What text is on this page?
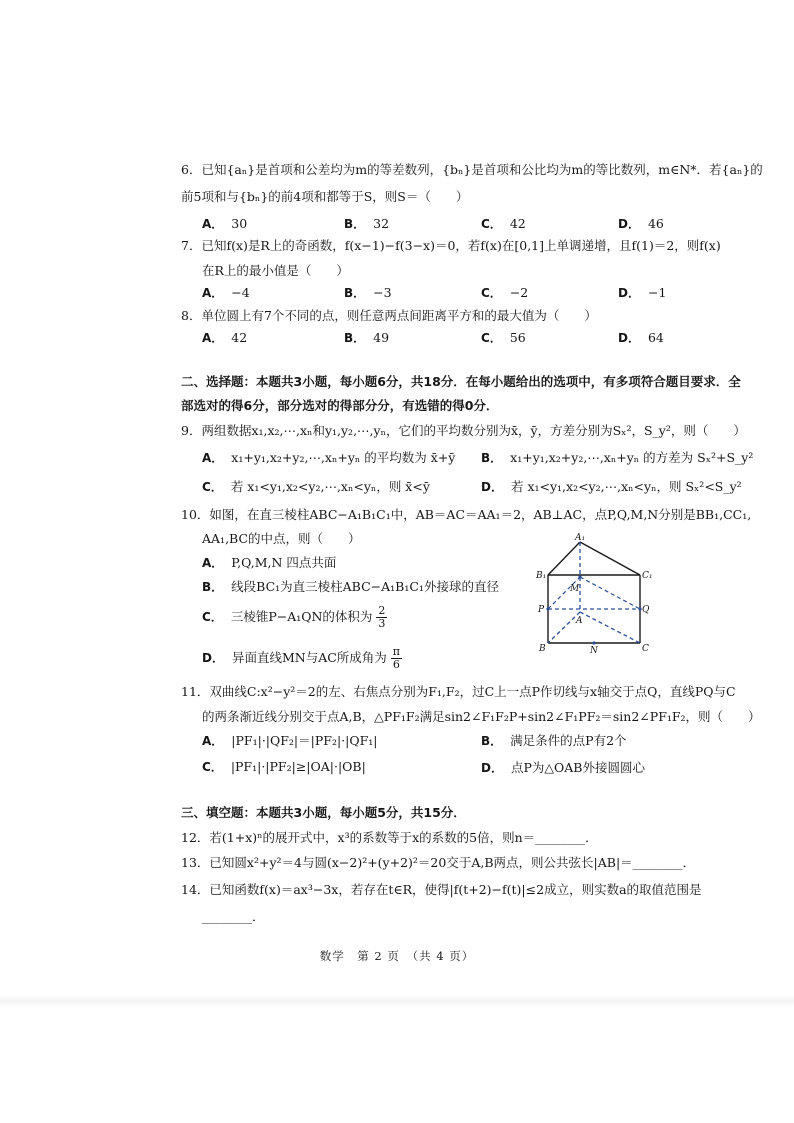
6．已知{aₙ}是首项和公差均为m的等差数列，{bₙ}是首项和公比均为m的等比数列，m∈N*．若{aₙ}的
前5项和与{bₙ}的前4项和都等于S，则S＝（　　）
A． 30	B． 32	C． 42	D． 46
7．已知f(x)是R上的奇函数，f(x−1)−f(3−x)＝0，若f(x)在[0,1]上单调递增，且f(1)＝2，则f(x)
在R上的最小值是（　　）
A． −4	B． −3	C． −2	D． −1
8．单位圆上有7个不同的点，则任意两点间距离平方和的最大值为（　　）
A． 42	B． 49	C． 56	D． 64
二、选择题：本题共3小题，每小题6分，共18分．在每小题给出的选项中，有多项符合题目要求．全
部选对的得6分，部分选对的得部分分，有选错的得0分．
9．两组数据x₁,x₂,⋯,xₙ和y₁,y₂,⋯,yₙ，它们的平均数分别为x̄，ȳ，方差分别为Sₓ²，S_y²，则（　　）
A． x₁+y₁,x₂+y₂,⋯,xₙ+yₙ 的平均数为 x̄+ȳ B． x₁+y₁,x₂+y₂,⋯,xₙ+yₙ 的方差为 Sₓ²+S_y²
C． 若 x₁<y₁,x₂<y₂,⋯,xₙ<yₙ，则 x̄<ȳ	D． 若 x₁<y₁,x₂<y₂,⋯,xₙ<yₙ，则 Sₓ²<S_y²
10．如图，在直三棱柱ABC−A₁B₁C₁中，AB＝AC＝AA₁＝2，AB⊥AC，点P,Q,M,N分别是BB₁,CC₁,
AA₁,BC的中点，则（　　）
A． P,Q,M,N 四点共面
B． 线段BC₁为直三棱柱ABC−A₁B₁C₁外接球的直径
C． 三棱锥P−A₁QN的体积为 $\frac{2}{3}$
D． 异面直线MN与AC所成角为 $\frac{\pi}{6}$
A₁
B₁	C₁
M
P	Q
A
B	N	C
11．双曲线C:x²−y²＝2的左、右焦点分别为F₁,F₂，过C上一点P作切线与x轴交于点Q，直线PQ与C
的两条渐近线分别交于点A,B，△PF₁F₂满足sin2∠F₁F₂P+sin2∠F₁PF₂＝sin2∠PF₁F₂，则（　　）
A． |PF₁|·|QF₂|＝|PF₂|·|QF₁|	B． 满足条件的点P有2个
C． |PF₁|·|PF₂|≥|OA|·|OB|	D． 点P为△OAB外接圆圆心
三、填空题：本题共3小题，每小题5分，共15分．
12．若(1+x)ⁿ的展开式中，x³的系数等于x的系数的5倍，则n＝________．
13．已知圆x²+y²＝4与圆(x−2)²+(y+2)²＝20交于A,B两点，则公共弦长|AB|＝________．
14．已知函数f(x)＝ax³−3x，若存在t∈R，使得|f(t+2)−f(t)|≤2成立，则实数a的取值范围是
________．
数学　第 2 页　（共 4 页）
